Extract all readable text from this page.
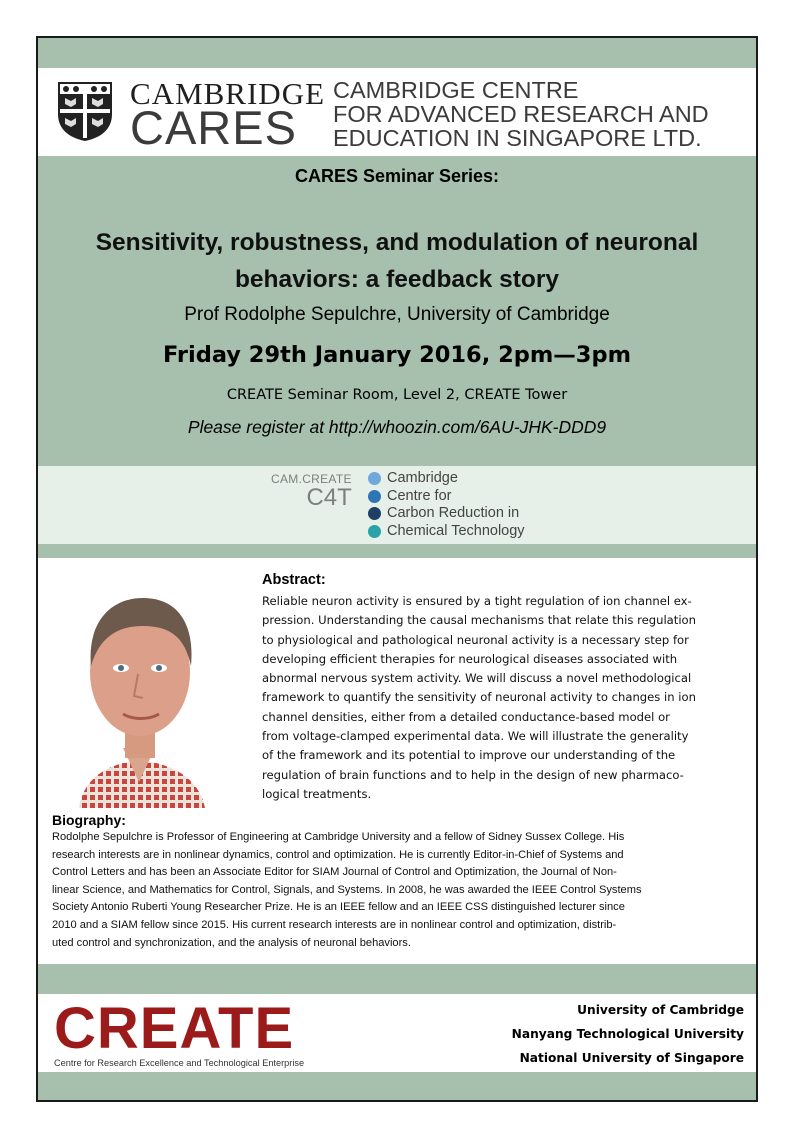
CAMBRIDGE
CARES
CAMBRIDGE CENTRE
FOR ADVANCED RESEARCH AND
EDUCATION IN SINGAPORE LTD.
CARES Seminar Series:
Sensitivity, robustness, and modulation of neuronal
behaviors: a feedback story
Prof Rodolphe Sepulchre, University of Cambridge
Friday 29th January 2016, 2pm—3pm
CREATE Seminar Room, Level 2, CREATE Tower
Please register at http://whoozin.com/6AU-JHK-DDD9
CAM.CREATE
C4T
Cambridge
Centre for
Carbon Reduction in
Chemical Technology
Abstract:
Reliable neuron activity is ensured by a tight regulation of ion channel ex-
pression. Understanding the causal mechanisms that relate this regulation
to physiological and pathological neuronal activity is a necessary step for
developing efficient therapies for neurological diseases associated with
abnormal nervous system activity. We will discuss a novel methodological
framework to quantify the sensitivity of neuronal activity to changes in ion
channel densities, either from a detailed conductance-based model or
from voltage-clamped experimental data. We will illustrate the generality
of the framework and its potential to improve our understanding of the
regulation of brain functions and to help in the design of new pharmaco-
logical treatments.
Biography:
Rodolphe Sepulchre is Professor of Engineering at Cambridge University and a fellow of Sidney Sussex College. His
research interests are in nonlinear dynamics, control and optimization. He is currently Editor-in-Chief of Systems and
Control Letters and has been an Associate Editor for SIAM Journal of Control and Optimization, the Journal of Non-
linear Science, and Mathematics for Control, Signals, and Systems. In 2008, he was awarded the IEEE Control Systems
Society Antonio Ruberti Young Researcher Prize. He is an IEEE fellow and an IEEE CSS distinguished lecturer since
2010 and a SIAM fellow since 2015. His current research interests are in nonlinear control and optimization, distrib-
uted control and synchronization, and the analysis of neuronal behaviors.
CREATE
Centre for Research Excellence and Technological Enterprise
University of Cambridge
Nanyang Technological University
National University of Singapore
